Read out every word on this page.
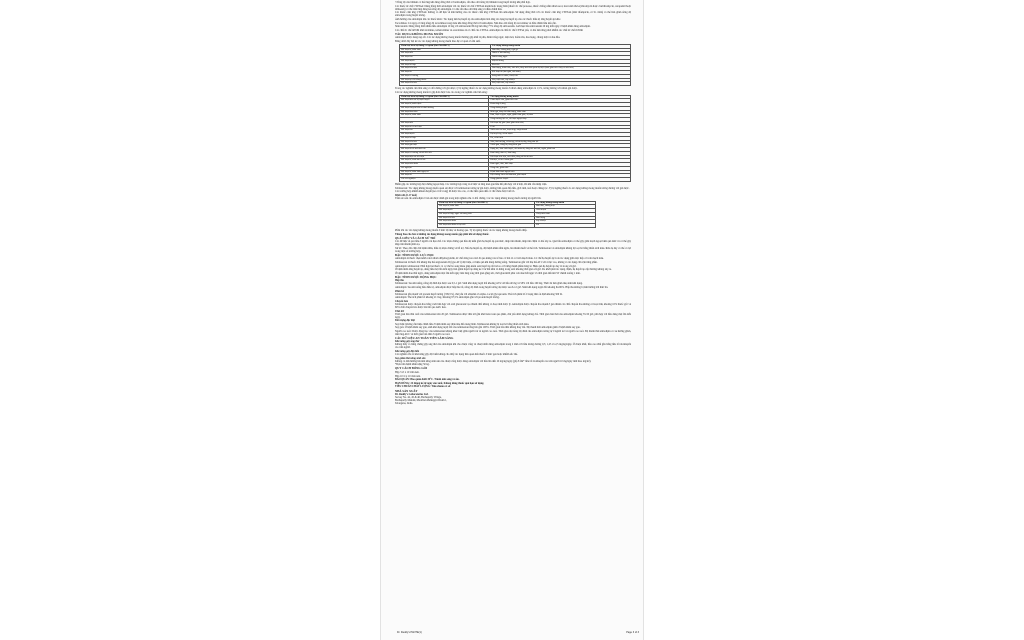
• Nồng độ của lithium có thể tăng khi dùng đồng thời với amlodipin, cần theo dõi nồng độ lithium trong huyết tương khi phối hợp.

Các thuốc ức chế CYP3A4: Dùng đồng thời amlodipin với các thuốc ức chế CYP3A4 mạnh hoặc trung bình (thuốc ức chế protease, thuốc chống nấm nhóm azol, macrolid như erythromycin hoặc clarithromycin, verapamil hoặc diltiazem) có thể làm tăng đáng kể nồng độ amlodipin. Có thể cần theo dõi lâm sàng và điều chỉnh liều.

Các thuốc cảm ứng CYP3A4: Không có dữ liệu về ảnh hưởng của các thuốc cảm ứng CYP3A4 lên amlodipin. Sử dụng đồng thời với các thuốc cảm ứng CYP3A4 (như rifampicin, cỏ St. John) có thể làm giảm nồng độ amlodipin trong huyết tương.

Ảnh hưởng của amlodipin lên các thuốc khác: Tác dụng làm hạ huyết áp của amlodipin làm tăng tác dụng hạ huyết áp của các thuốc điều trị tăng huyết áp khác.

Tacrolimus: Có nguy cơ tăng nồng độ tacrolimus trong máu khi dùng đồng thời với amlodipin. Nên theo dõi nồng độ tacrolimus và điều chỉnh liều nếu cần.

Simvastatin: Dùng đồng thời nhiều liều amlodipin 10 mg với simvastatin 80 mg làm tăng 77% nồng độ simvastatin. Giới hạn liều simvastatin 20 mg mỗi ngày ở bệnh nhân dùng amlodipin.

Các chất ức chế mTOR như sirolimus, temsirolimus và everolimus là cơ chất của CYP3A. Amlodipin là chất ức chế CYP3A yếu, có thể làm tăng phơi nhiễm các chất ức chế mTOR.

TÁC DỤNG KHÔNG MONG MUỐN

Amlodipin được dung nạp tốt. Các tác dụng không mong muốn thường gặp nhất là phù, đánh trống ngực, mệt mỏi, buồn nôn, đau bụng, chóng mặt và đau đầu.

Bảng dưới đây liệt kê các tác dụng không mong muốn theo hệ cơ quan và tần suất.

Phân loại theo hệ thống/ cơ quan (theo MedDRA)	Tác dụng không mong muốn
Rối loạn hệ thần kinh	Đau đầu, chóng mặt, ngủ gà
Rối loạn mắt	Hành vi bất thường
Rối loạn tim	Đánh trống ngực
Rối loạn mạch	Mặt đỏ bừng
Rối loạn hô hấp	Khó thở
Rối loạn tiêu hóa	Đau bụng, buồn nôn, khó tiêu, thay đổi thói quen đại tiện (bao gồm tiêu chảy và táo bón)
Rối loạn da	Rối loạn da (da ngứa, nổi mẩn)
Rối loạn cơ xương	Sưng mắt cá chân, chuột rút
Rối loạn tại chỗ dùng thuốc	Phù, mệt mỏi, suy nhược
Rối loạn tiêu hóa	Phù, mệt mỏi, suy nhược

Trong các nghiên cứu lâm sàng có đối chứng với giả dược, tỷ lệ ngừng thuốc do tác dụng không mong muốn ở nhóm dùng amlodipin là 1,5%, tương đương với nhóm giả dược.

Các tác dụng không mong muốn ít gặp hơn được báo cáo trong các nghiên cứu lâm sàng:

Phân loại theo hệ thống/ cơ quan (theo MedDRA)	Tác dụng không mong muốn
Rối loạn máu và hệ bạch huyết	Giảm bạch cầu, giảm tiểu cầu
Rối loạn hệ miễn dịch	Phản ứng dị ứng
Rối loạn chuyển hóa và dinh dưỡng	Tăng đường huyết
Rối loạn tâm thần	Mất ngủ, thay đổi tâm trạng, trầm cảm
Rối loạn hệ thần kinh	Run, loạn vị giác, ngất, giảm cảm giác, dị cảm
	Tăng trương lực cơ, rối loạn ngoại tháp
Rối loạn mắt	Rối loạn thị giác (bao gồm nhìn đôi)
Rối loạn tai và mê đạo	Ù tai
Rối loạn tim	Nhồi máu cơ tim, loạn nhịp, nhịp nhanh
Rối loạn mạch	Hạ huyết áp, viêm mạch
Rối loạn hô hấp	Ho, viêm mũi
Rối loạn tiêu hóa	Nôn, khô miệng, viêm tụy, viêm dạ dày, tăng sản lợi
Rối loạn gan mật	Viêm gan, vàng da, tăng men gan
Rối loạn da và mô dưới da	Rụng tóc, ban xuất huyết, đổi màu da, tăng tiết mồ hôi, ngứa, phát ban
Rối loạn cơ xương và mô liên kết	Đau khớp, đau cơ, đau lưng
Rối loạn thận và tiết niệu	Rối loạn tiểu tiện, tiểu đêm, tăng số lần đi tiểu
Rối loạn hệ sinh sản và vú	Bất lực, vú to ở nam giới
Rối loạn toàn thân	Đau ngực, đau, khó chịu
Xét nghiệm	Tăng cân, giảm cân
Rối loạn hệ thần kinh ngoại vi	Bệnh thần kinh ngoại biên
Rối loạn da	Hội chứng Stevens-Johnson, phù mạch
Các xét nghiệm	Tăng glucose huyết

Hiếm gặp các trường hợp hội chứng ngoại tháp. Các trường hợp vàng da ứ mật và tăng men gan hầu hết phù hợp với ứ mật, đôi khi cần nhập viện.

Telmisartan: Tác dụng không mong muốn quan sát được với telmisartan tương tự giả dược, không liên quan đến liều, giới tính, tuổi hoặc chủng tộc. Tỷ lệ ngừng thuốc do tác dụng không mong muốn tương đương với giả dược.

Các trường hợp nhiễm khuẩn huyết (kể cả tử vong) đã được báo cáo, có thể liên quan đến cơ chế chưa được biết rõ.

Bệnh nhi (6-17 tuổi)

Tính an toàn của amlodipin ở trẻ em được đánh giá trong một nghiên cứu có đối chứng. Các tác dụng không mong muốn tương tự người lớn.

Phân loại theo hệ thống/ cơ quan (theo MedDRA)	Tác dụng không mong muốn
Rối loạn hệ thần kinh	Đau đầu, chóng mặt
Rối loạn mạch	Giãn mạch
Rối loạn hô hấp, ngực và trung thất	Chảy máu cam
Rối loạn tiêu hóa	Đau bụng
Rối loạn toàn thân	Suy nhược
Rối loạn toàn thân và tại chỗ	Sốt

Phần lớn các tác dụng không mong muốn ở mức độ nhẹ và thoáng qua. Tỷ lệ ngừng thuốc do tác dụng không mong muốn thấp.

Thông báo cho bác sĩ những tác dụng không mong muốn gặp phải khi sử dụng thuốc.

QUÁ LIỀU VÀ CÁCH XỬ TRÍ

Các dữ liệu về quá liều ở người còn hạn chế. Các triệu chứng quá liều dự kiến gồm hạ huyết áp quá mức, nhịp tim nhanh, nhịp tim chậm có thể xảy ra. Quá liều amlodipin có thể gây giãn mạch ngoại biên quá mức và có thể gây nhịp tim nhanh phản xạ.

Xử trí: Theo dõi chặt chẽ bệnh nhân, điều trị triệu chứng và hỗ trợ. Nếu hạ huyết áp, đặt bệnh nhân nằm ngửa, bù nhanh muối và thể tích. Telmisartan và amlodipin không bị loại bỏ bằng thẩm tách máu. Rửa dạ dày có thể có lợi trong một số trường hợp.

ĐẶC TÍNH DƯỢC LỰC HỌC

Amlodipin là thuốc chẹn kênh calci nhóm dihydropyridin, ức chế dòng ion calci đi qua màng vào tế bào cơ tim và cơ trơn mạch máu. Cơ chế hạ huyết áp là do tác dụng giãn trực tiếp cơ trơn mạch máu.

Telmisartan là thuốc đối kháng thụ thể angiotensin II (type AT1) đặc hiệu, có hiệu quả khi dùng đường uống. Telmisartan gắn với thụ thể AT1 với ái lực cao, không có tác dụng chủ vận từng phần.

Amlodipin/ telmisartan: Phối hợp hai thuốc có cơ chế bổ sung nhau giúp kiểm soát huyết áp tốt hơn so với từng thành phần riêng lẻ. Hiệu quả hạ huyết áp duy trì trong 24 giờ.

Ở bệnh nhân tăng huyết áp, dùng liều một lần mỗi ngày làm giảm huyết áp đáng kể ở tư thế nằm và đứng trong suốt khoảng thời gian 24 giờ. Do khởi phát tác dụng chậm, hạ huyết áp cấp thường không xảy ra.

Ở bệnh nhân đau thắt ngực, dùng amlodipin một lần mỗi ngày làm tăng tổng thời gian gắng sức, thời gian khởi phát cơn đau thắt ngực và thời gian đến khi ST chênh xuống 1 mm.

ĐẶC TÍNH DƯỢC ĐỘNG HỌC
Hấp thu

Telmisartan: Sau khi uống, nồng độ đỉnh đạt được sau 0,5-1 giờ. Sinh khả dụng tuyệt đối khoảng 42% với liều 40 mg và 58% với liều 160 mg. Thức ăn làm giảm nhẹ sinh khả dụng.

Amlodipin: Sau khi uống liều điều trị, amlodipin được hấp thu tốt, nồng độ đỉnh trong huyết tương đạt được sau 6-12 giờ. Sinh khả dụng tuyệt đối khoảng 64-80%. Hấp thu không bị ảnh hưởng bởi thức ăn.

Phân bố

Telmisartan gắn mạnh với protein huyết tương (>99,5%), chủ yếu với albumin và alpha-1 acid glycoprotein. Thể tích phân bố ở trạng thái ổn định khoảng 500 lít.

Amlodipin: Thể tích phân bố khoảng 21 l/kg. Khoảng 97,5% amlodipin gắn với protein huyết tương.

Chuyển hóa

Telmisartan được chuyển hóa bằng cách liên hợp với acid glucuronic tạo thành chất không có hoạt tính dược lý. Amlodipin được chuyển hóa mạnh ở gan thành các chất chuyển hóa không có hoạt tính, khoảng 10% thuốc gốc và 60% chất chuyển hóa được bài tiết qua nước tiểu.

Thải trừ

Thời gian bán thải cuối của telmisartan trên 20 giờ. Telmisartan được thải trừ gần như hoàn toàn qua phân, chủ yếu dưới dạng không đổi. Thời gian bán thải của amlodipin khoảng 35-50 giờ, phù hợp với liều dùng một lần mỗi ngày.

Đối tượng đặc biệt

Suy thận: Không cần hiệu chỉnh liều ở bệnh nhân suy thận nhẹ đến trung bình. Telmisartan không bị loại bỏ bằng thẩm tách máu.

Suy gan: Ở bệnh nhân suy gan, sinh khả dụng tuyệt đối của telmisartan tăng lên gần 100%. Thời gian bán thải không thay đổi. Độ thanh thải amlodipin giảm ở bệnh nhân suy gan.

Người cao tuổi: Dược động học của telmisartan không khác biệt giữa người trẻ và người cao tuổi. Thời gian đạt nồng độ đỉnh của amlodipin tương tự ở người trẻ và người cao tuổi. Độ thanh thải amlodipin có xu hướng giảm, làm tăng AUC và thời gian bán thải ở người cao tuổi.

CÁC DỮ LIỆU AN TOÀN TIỀN LÂM SÀNG
Khả năng gây ung thư

Không thấy có bằng chứng gây ung thư của amlodipin khi cho chuột cống và chuột nhắt dùng amlodipin trong 2 năm với liều tương đương 0,5; 1,25 và 2,5 mg/kg/ngày. Ở chuột nhắt, liều cao nhất gần bằng liều tối đa khuyến cáo trên người.

Khả năng gây đột biến

Các nghiên cứu về khả năng gây đột biến không cho thấy tác dụng liên quan đến thuốc ở mức gen hoặc nhiễm sắc thể.

Suy giảm khả năng sinh sản

Không có ảnh hưởng lên khả năng sinh sản của chuột cống được dùng amlodipin với liều lên đến 10 mg/kg/ngày (gấp 8 lần* liều tối đa khuyến cáo trên người 10 mg/ngày tính theo mg/m²).

*Dựa trên bệnh nhân nặng 50 kg.

QUY CÁCH ĐÓNG GÓI

Hộp 3 vỉ x 10 viên nén.

Hộp 10 vỉ x 10 viên nén.

BẢO QUẢN: Bảo quản dưới 30°C. Tránh ánh sáng và ẩm.

HẠN DÙNG: 24 tháng kể từ ngày sản xuất. Không dùng thuốc quá hạn sử dụng.

TIÊU CHUẨN CHẤT LƯỢNG: Tiêu chuẩn cơ sở.

NHÀ SẢN XUẤT
Dr. Reddy's Laboratories Ltd.
Survey No. 42, 45 & 46, Bachupally Village,
Bachupally Mandal, Medchal-Malkajgiri District,
Telangana, India.
Dr. Reddy's PANTE(1)	Page 3 of 3
